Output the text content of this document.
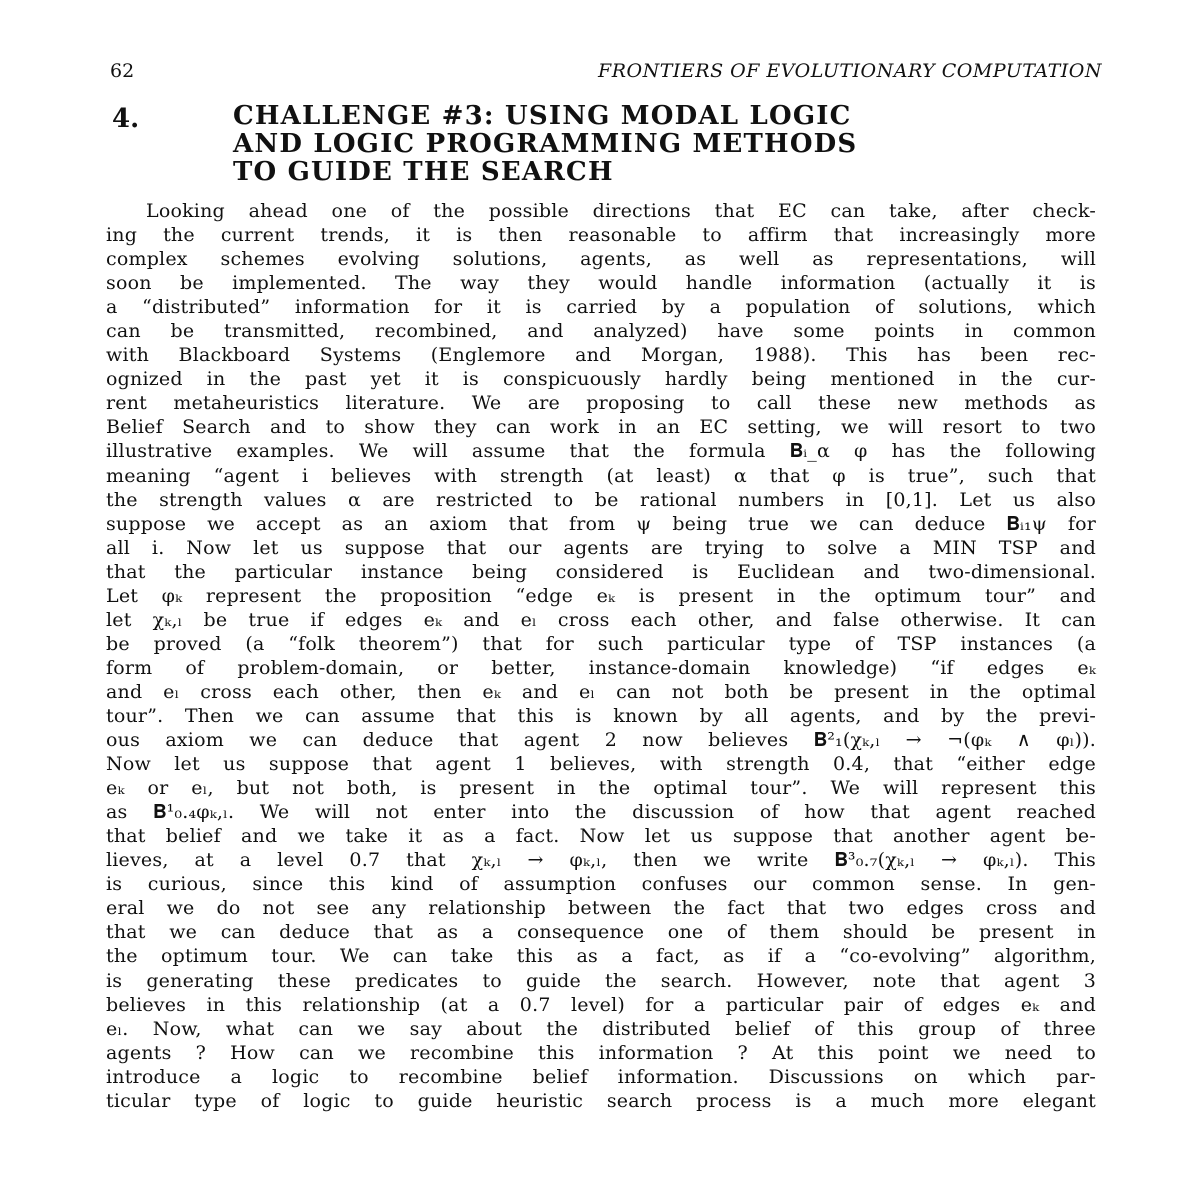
62	FRONTIERS OF EVOLUTIONARY COMPUTATION
4.	CHALLENGE #3: USING MODAL LOGIC
AND LOGIC PROGRAMMING METHODS
TO GUIDE THE SEARCH
Looking ahead one of the possible directions that EC can take, after check-
ing the current trends, it is then reasonable to affirm that increasingly more
complex schemes evolving solutions, agents, as well as representations, will
soon be implemented. The way they would handle information (actually it is
a “distributed” information for it is carried by a population of solutions, which
can be transmitted, recombined, and analyzed) have some points in common
with Blackboard Systems (Englemore and Morgan, 1988). This has been rec-
ognized in the past yet it is conspicuously hardly being mentioned in the cur-
rent metaheuristics literature. We are proposing to call these new methods as
Belief Search and to show they can work in an EC setting, we will resort to two
illustrative examples. We will assume that the formula 𝐁ᵢ_α φ has the following
meaning “agent i believes with strength (at least) α that φ is true”, such that
the strength values α are restricted to be rational numbers in [0,1]. Let us also
suppose we accept as an axiom that from ψ being true we can deduce 𝐁ᵢ₁ψ for
all i. Now let us suppose that our agents are trying to solve a MIN TSP and
that the particular instance being considered is Euclidean and two-dimensional.
Let φₖ represent the proposition “edge eₖ is present in the optimum tour” and
let χₖ,ₗ be true if edges eₖ and eₗ cross each other, and false otherwise. It can
be proved (a “folk theorem”) that for such particular type of TSP instances (a
form of problem-domain, or better, instance-domain knowledge) “if edges eₖ
and eₗ cross each other, then eₖ and eₗ can not both be present in the optimal
tour”. Then we can assume that this is known by all agents, and by the previ-
ous axiom we can deduce that agent 2 now believes 𝐁²₁(χₖ,ₗ → ¬(φₖ ∧ φₗ)).
Now let us suppose that agent 1 believes, with strength 0.4, that “either edge
eₖ or eₗ, but not both, is present in the optimal tour”. We will represent this
as 𝐁¹₀.₄φₖ,ₗ. We will not enter into the discussion of how that agent reached
that belief and we take it as a fact. Now let us suppose that another agent be-
lieves, at a level 0.7 that χₖ,ₗ → φₖ,ₗ, then we write 𝐁³₀.₇(χₖ,ₗ → φₖ,ₗ). This
is curious, since this kind of assumption confuses our common sense. In gen-
eral we do not see any relationship between the fact that two edges cross and
that we can deduce that as a consequence one of them should be present in
the optimum tour. We can take this as a fact, as if a “co-evolving” algorithm,
is generating these predicates to guide the search. However, note that agent 3
believes in this relationship (at a 0.7 level) for a particular pair of edges eₖ and
eₗ. Now, what can we say about the distributed belief of this group of three
agents ? How can we recombine this information ? At this point we need to
introduce a logic to recombine belief information. Discussions on which par-
ticular type of logic to guide heuristic search process is a much more elegant
